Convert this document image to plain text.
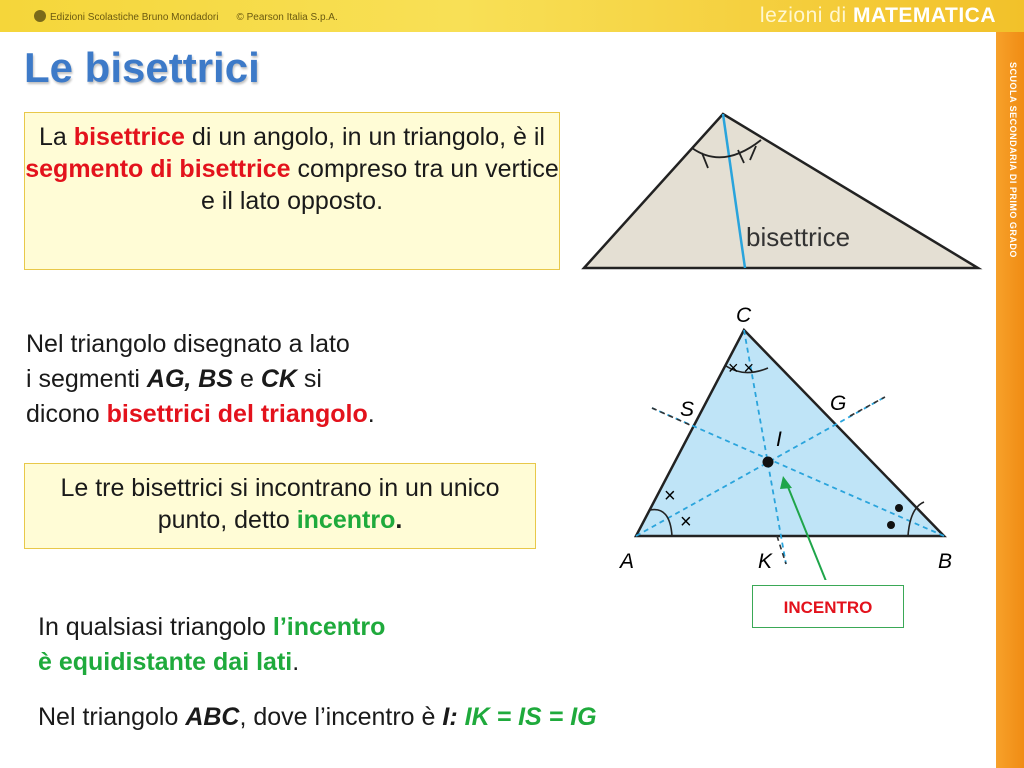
Edizioni Scolastiche Bruno Mondadori © Pearson Italia S.p.A.	lezioni di MATEMATICA
SCUOLA SECONDARIA DI PRIMO GRADO
Le bisettrici
La bisettrice di un angolo, in un triangolo, è il segmento di bisettrice compreso tra un vertice e il lato opposto.
bisettrice
Nel triangolo disegnato a lato
i segmenti AG, BS e CK si
dicono bisettrici del triangolo.
× ×
×
×
C
A	B
S	G
K
I
Le tre bisettrici si incontrano in un unico punto, detto incentro.
INCENTRO
In qualsiasi triangolo l’incentro
è equidistante dai lati.
Nel triangolo ABC, dove l’incentro è I: IK = IS = IG
